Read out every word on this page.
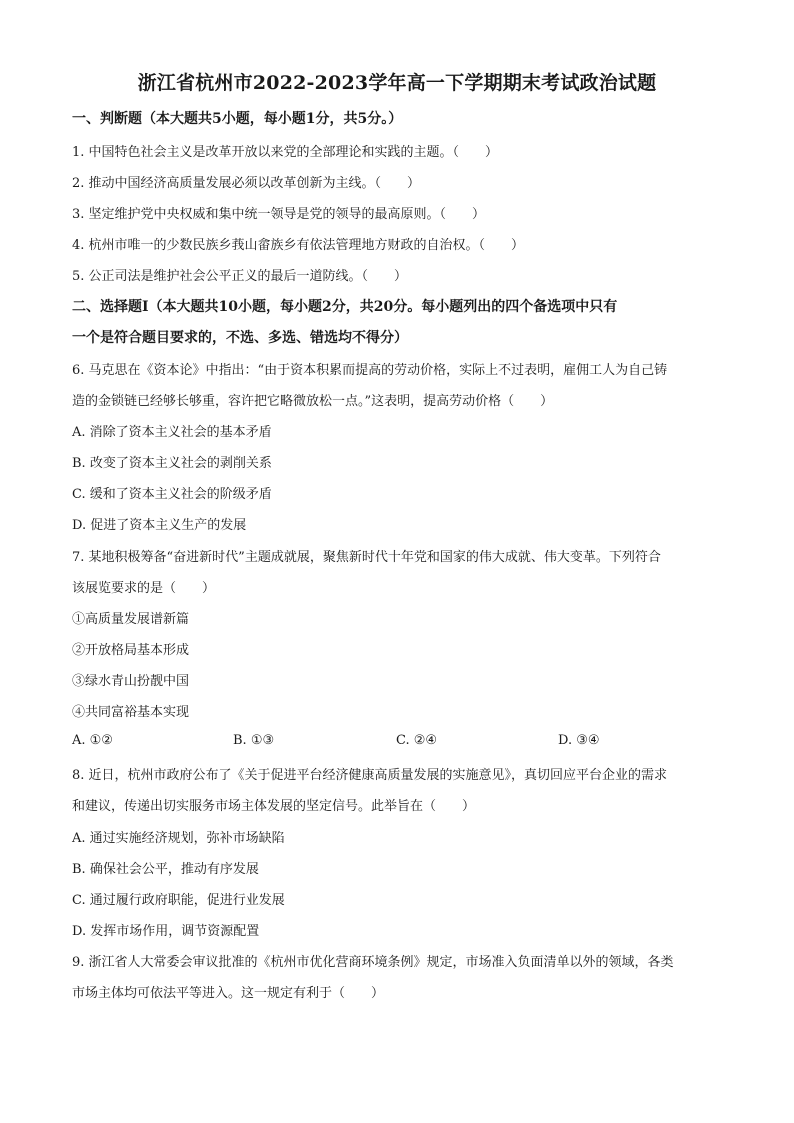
浙江省杭州市2022-2023学年高一下学期期末考试政治试题
一、判断题（本大题共5小题，每小题1分，共5分。）
1. 中国特色社会主义是改革开放以来党的全部理论和实践的主题。（　　）
2. 推动中国经济高质量发展必须以改革创新为主线。（　　）
3. 坚定维护党中央权威和集中统一领导是党的领导的最高原则。（　　）
4. 杭州市唯一的少数民族乡莪山畲族乡有依法管理地方财政的自治权。（　　）
5. 公正司法是维护社会公平正义的最后一道防线。（　　）
二、选择题Ⅰ（本大题共10小题，每小题2分，共20分。每小题列出的四个备选项中只有
一个是符合题目要求的，不选、多选、错选均不得分）
6. 马克思在《资本论》中指出：“由于资本积累而提高的劳动价格，实际上不过表明，雇佣工人为自己铸
造的金锁链已经够长够重，容许把它略微放松一点。”这表明，提高劳动价格（　　）
A. 消除了资本主义社会的基本矛盾
B. 改变了资本主义社会的剥削关系
C. 缓和了资本主义社会的阶级矛盾
D. 促进了资本主义生产的发展
7. 某地积极筹备“奋进新时代”主题成就展，聚焦新时代十年党和国家的伟大成就、伟大变革。下列符合
该展览要求的是（　　）
①高质量发展谱新篇
②开放格局基本形成
③绿水青山扮靓中国
④共同富裕基本实现
A. ①②	B. ①③	C. ②④	D. ③④
8. 近日，杭州市政府公布了《关于促进平台经济健康高质量发展的实施意见》，真切回应平台企业的需求
和建议，传递出切实服务市场主体发展的坚定信号。此举旨在（　　）
A. 通过实施经济规划，弥补市场缺陷
B. 确保社会公平，推动有序发展
C. 通过履行政府职能，促进行业发展
D. 发挥市场作用，调节资源配置
9. 浙江省人大常委会审议批准的《杭州市优化营商环境条例》规定，市场准入负面清单以外的领域，各类
市场主体均可依法平等进入。这一规定有利于（　　）
